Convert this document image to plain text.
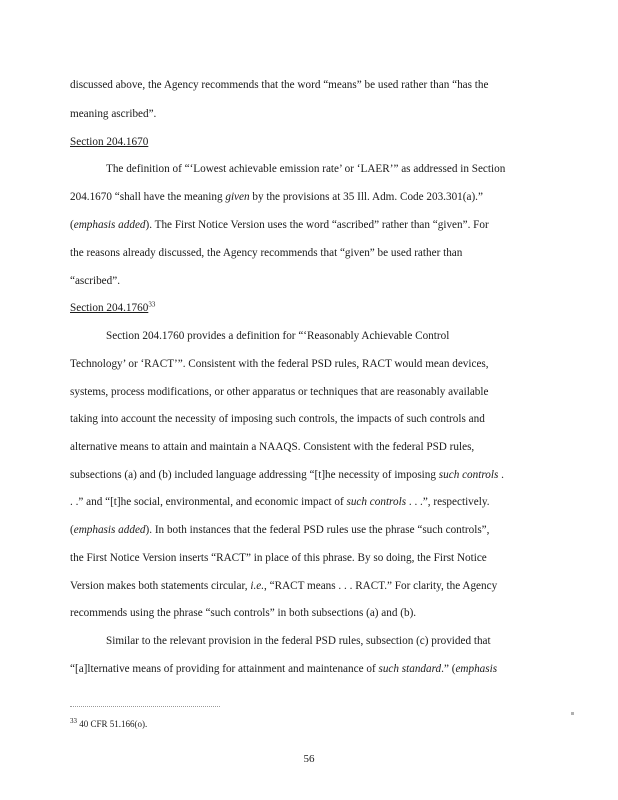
discussed above, the Agency recommends that the word “means” be used rather than “has the
meaning ascribed”.
Section 204.1670
The definition of “‘Lowest achievable emission rate’ or ‘LAER’” as addressed in Section
204.1670 “shall have the meaning given by the provisions at 35 Ill. Adm. Code 203.301(a).”
(emphasis added). The First Notice Version uses the word “ascribed” rather than “given”. For
the reasons already discussed, the Agency recommends that “given” be used rather than
“ascribed”.
Section 204.1760$^{33}$
Section 204.1760 provides a definition for “‘Reasonably Achievable Control
Technology’ or ‘RACT’”. Consistent with the federal PSD rules, RACT would mean devices,
systems, process modifications, or other apparatus or techniques that are reasonably available
taking into account the necessity of imposing such controls, the impacts of such controls and
alternative means to attain and maintain a NAAQS. Consistent with the federal PSD rules,
subsections (a) and (b) included language addressing “[t]he necessity of imposing such controls .
. .” and “[t]he social, environmental, and economic impact of such controls . . .”, respectively.
(emphasis added). In both instances that the federal PSD rules use the phrase “such controls”,
the First Notice Version inserts “RACT” in place of this phrase. By so doing, the First Notice
Version makes both statements circular, i.e., “RACT means . . . RACT.” For clarity, the Agency
recommends using the phrase “such controls” in both subsections (a) and (b).
Similar to the relevant provision in the federal PSD rules, subsection (c) provided that
“[a]lternative means of providing for attainment and maintenance of such standard.” (emphasis
$^{33}$ 40 CFR 51.166(o).
56
